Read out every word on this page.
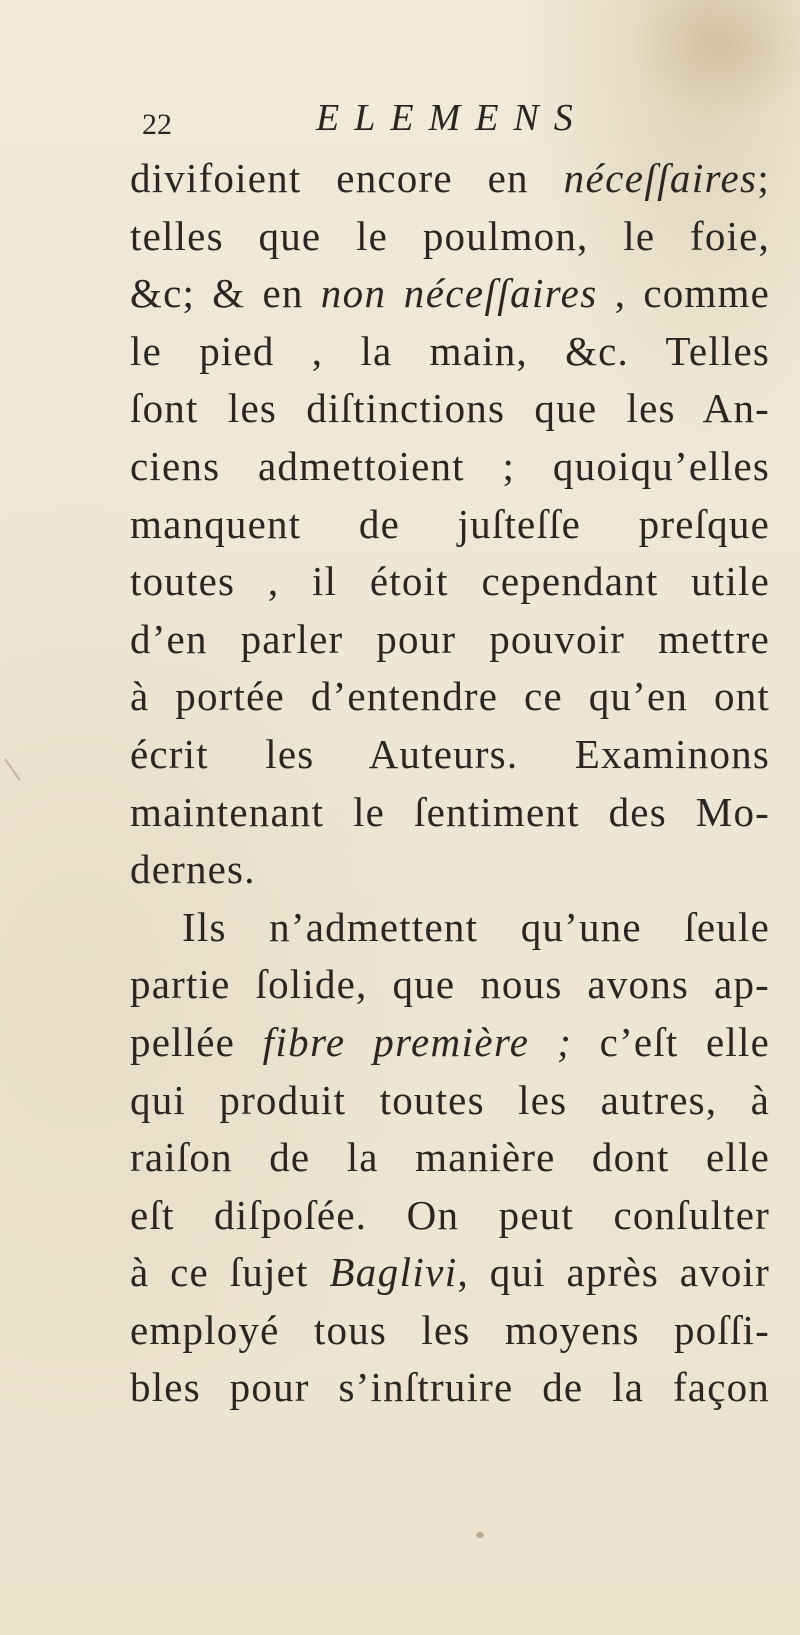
22	ELEMENS
divifoient encore en néceſſaires;
telles que le poulmon, le foie,
&c; & en non néceſſaires , comme
le pied , la main, &c. Telles
ſont les diſtinctions que les An-
ciens admettoient ; quoiqu’elles
manquent de juſteſſe preſque
toutes , il étoit cependant utile
d’en parler pour pouvoir mettre
à portée d’entendre ce qu’en ont
écrit les Auteurs. Examinons
maintenant le ſentiment des Mo-
dernes.
Ils n’admettent qu’une ſeule
partie ſolide, que nous avons ap-
pellée fibre première ; c’eſt elle
qui produit toutes les autres, à
raiſon de la manière dont elle
eſt diſpoſée. On peut conſulter
à ce ſujet Baglivi, qui après avoir
employé tous les moyens poſſi-
bles pour s’inſtruire de la façon
